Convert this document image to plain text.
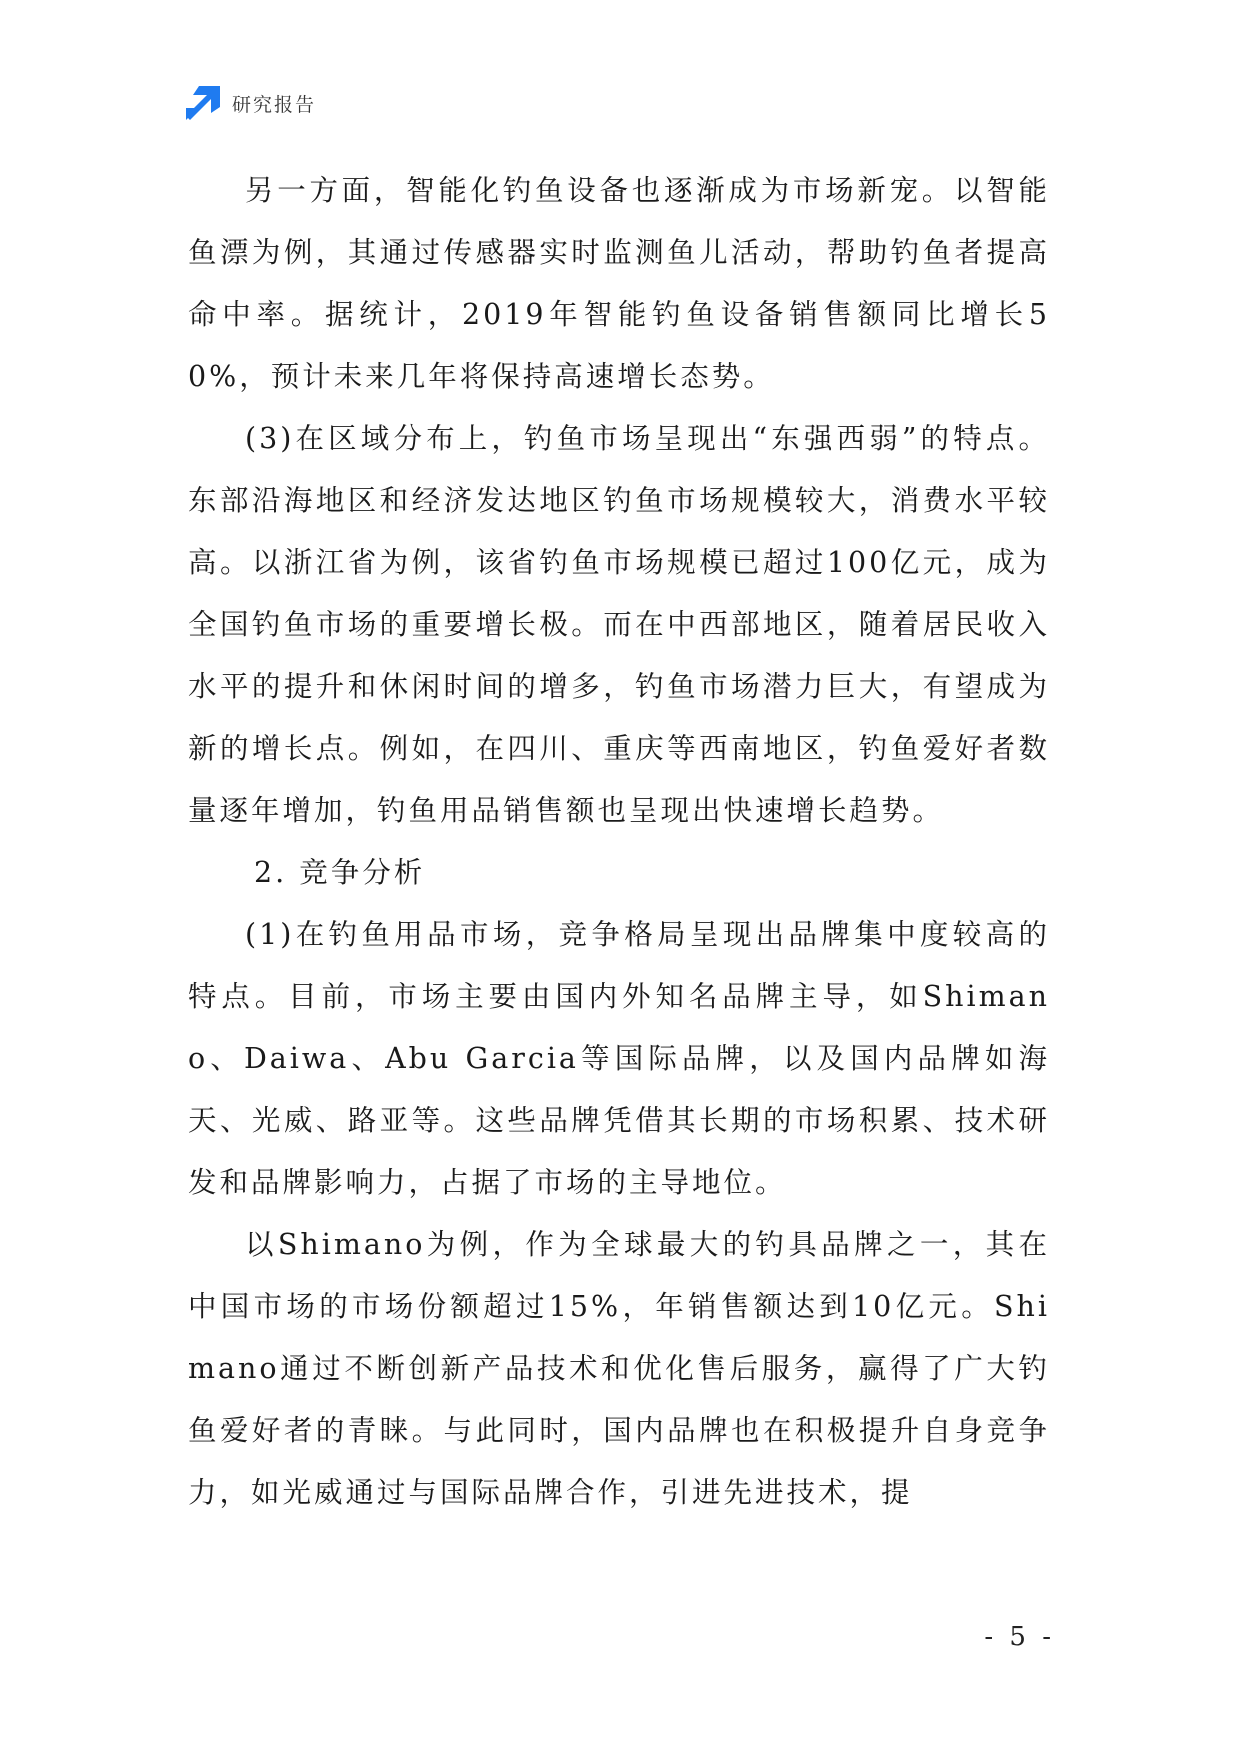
研究报告

另一方面，智能化钓鱼设备也逐渐成为市场新宠。以智能鱼漂为例，其通过传感器实时监测鱼儿活动，帮助钓鱼者提高命中率。据统计，2019年智能钓鱼设备销售额同比增长50%，预计未来几年将保持高速增长态势。

(3)在区域分布上，钓鱼市场呈现出“东强西弱”的特点。东部沿海地区和经济发达地区钓鱼市场规模较大，消费水平较高。以浙江省为例，该省钓鱼市场规模已超过100亿元，成为全国钓鱼市场的重要增长极。而在中西部地区，随着居民收入水平的提升和休闲时间的增多，钓鱼市场潜力巨大，有望成为新的增长点。例如，在四川、重庆等西南地区，钓鱼爱好者数量逐年增加，钓鱼用品销售额也呈现出快速增长趋势。

2. 竞争分析

(1)在钓鱼用品市场，竞争格局呈现出品牌集中度较高的特点。目前，市场主要由国内外知名品牌主导，如Shimano、Daiwa、Abu Garcia等国际品牌，以及国内品牌如海天、光威、路亚等。这些品牌凭借其长期的市场积累、技术研发和品牌影响力，占据了市场的主导地位。

以Shimano为例，作为全球最大的钓具品牌之一，其在中国市场的市场份额超过15%，年销售额达到10亿元。Shimano通过不断创新产品技术和优化售后服务，赢得了广大钓鱼爱好者的青睐。与此同时，国内品牌也在积极提升自身竞争力，如光威通过与国际品牌合作，引进先进技术，提

- 5 -
